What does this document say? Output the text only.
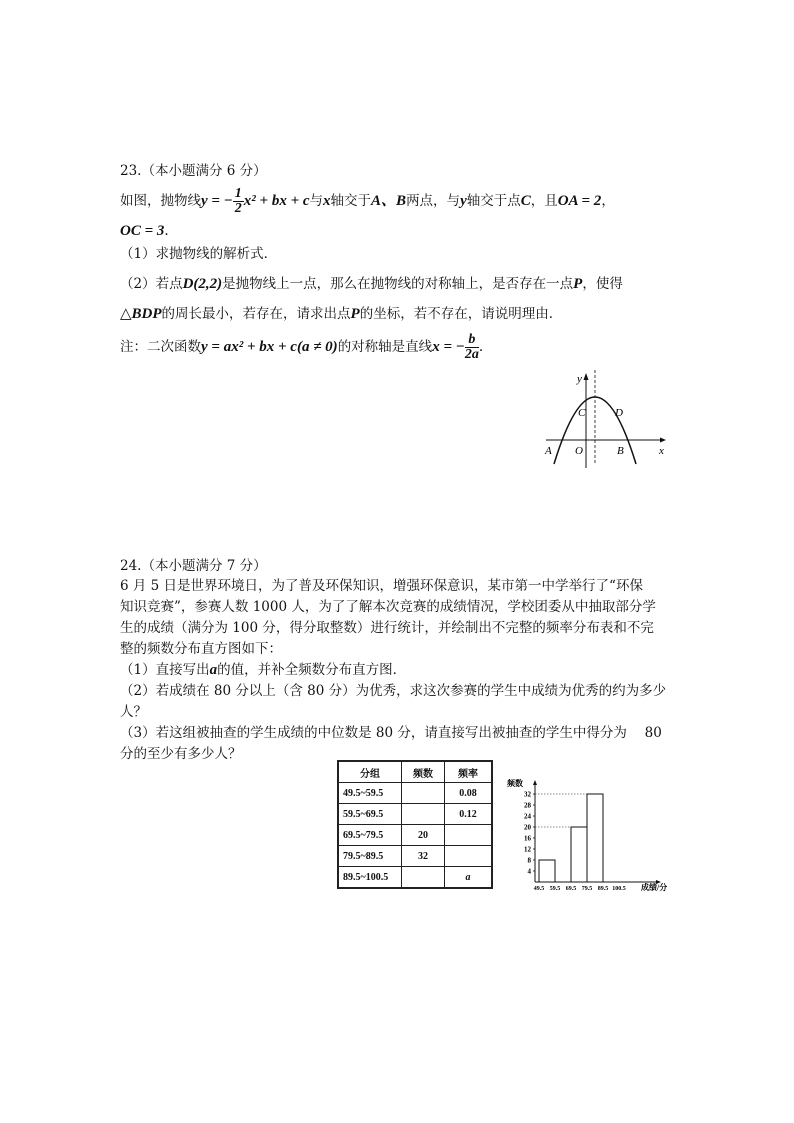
23.（本小题满分 6 分）
如图，抛物线y = − $\frac{1}{2} x^2$ + bx + c与x轴交于A、B两点，与y轴交于点C，且OA = 2，
OC = 3.
（1）求抛物线的解析式．
（2）若点D(2,2)是抛物线上一点，那么在抛物线的对称轴上，是否存在一点P，使得
△BDP的周长最小，若存在，请求出点P的坐标，若不存在，请说明理由．
注：二次函数y = ax² + bx + c(a ≠ 0)的对称轴是直线x = − $\frac{b}{2a}$ .
y
x
A O	B
C	D
24.（本小题满分 7 分）
6 月 5 日是世界环境日，为了普及环保知识，增强环保意识，某市第一中学举行了“环保
知识竞赛”，参赛人数 1000 人，为了了解本次竞赛的成绩情况，学校团委从中抽取部分学
生的成绩（满分为 100 分，得分取整数）进行统计，并绘制出不完整的频率分布表和不完
整的频数分布直方图如下：
（1）直接写出a的值，并补全频数分布直方图．
（2）若成绩在 80 分以上（含 80 分）为优秀，求这次参赛的学生中成绩为优秀的约为多少
人？
（3）若这组被抽查的学生成绩的中位数是 80 分，请直接写出被抽查的学生中得分为　 80
分的至少有多少人？
分组	频数	频率
49.5~59.5		0.08
59.5~69.5		0.12
69.5~79.5	20	
79.5~89.5	32	
89.5~100.5		a
频数
成绩/分
4
8
12
16
20
24
28
32
49.5 59.5 69.5 79.5 89.5 100.5
